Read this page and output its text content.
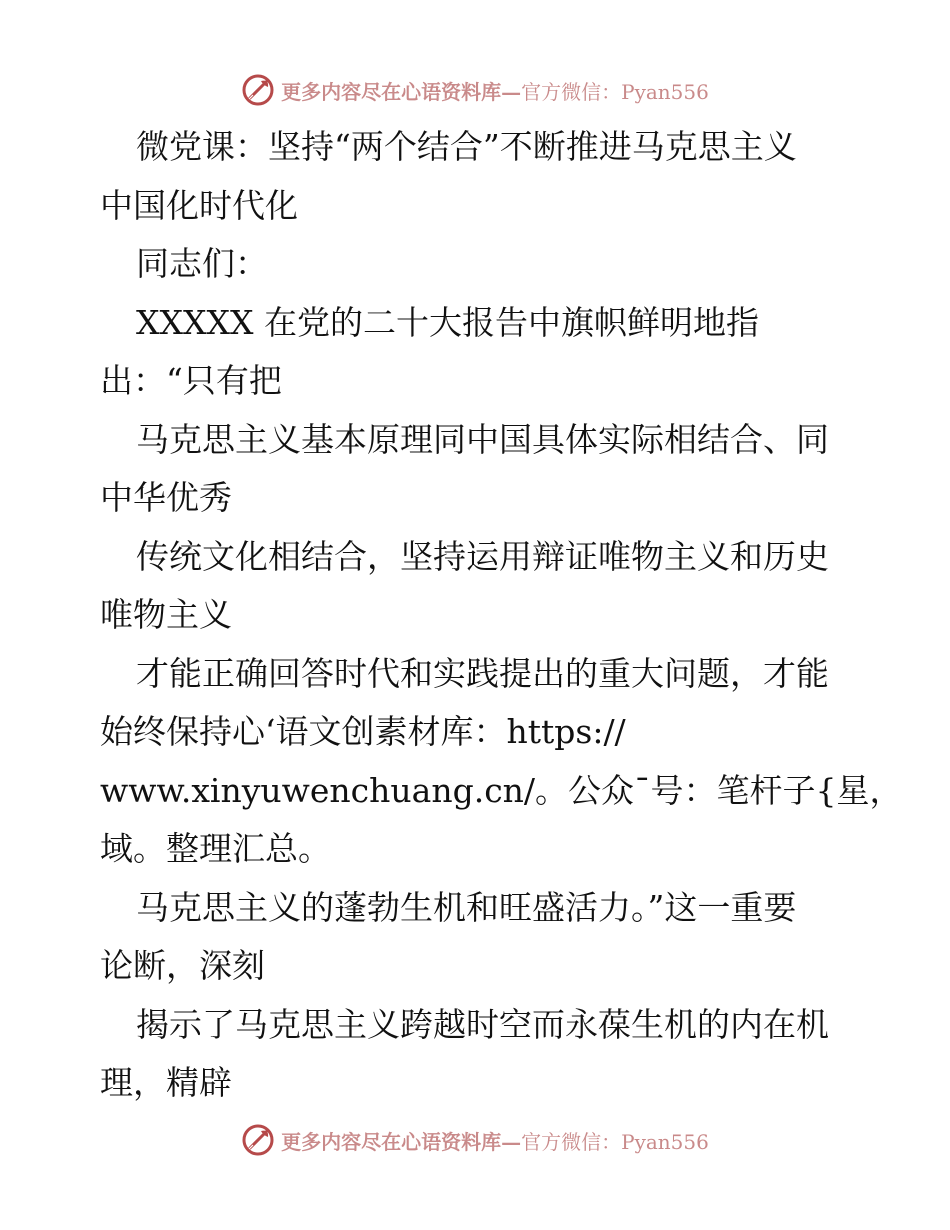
更多内容尽在心语资料库—官方微信：Pyan556
微党课：坚持“两个结合”不断推进马克思主义
中国化时代化
同志们：
XXXXX 在党的二十大报告中旗帜鲜明地指
出：“只有把
马克思主义基本原理同中国具体实际相结合、同
中华优秀
传统文化相结合，坚持运用辩证唯物主义和历史
唯物主义
才能正确回答时代和实践提出的重大问题，才能
始终保持心‘语文创素材库：https://
www.xinyuwenchuang.cn/。公众¯号：笔杆子{星，
域。整理汇总。
马克思主义的蓬勃生机和旺盛活力。”这一重要
论断，深刻
揭示了马克思主义跨越时空而永葆生机的内在机
理，精辟
更多内容尽在心语资料库—官方微信：Pyan556
